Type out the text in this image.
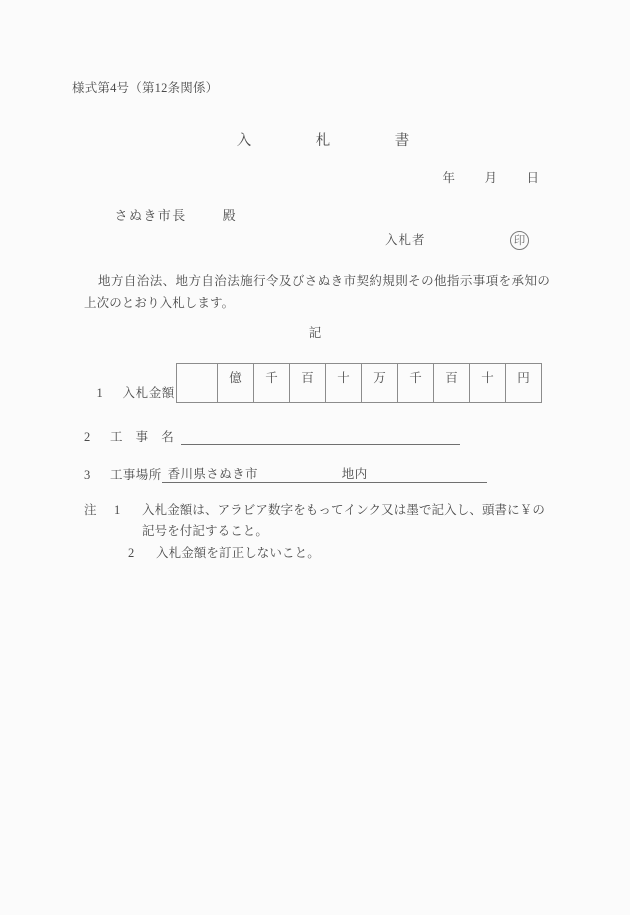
様式第4号（第12条関係）

入	札	書

年 月 日

さぬき市長	殿

入札者	印
地方自治法、地方自治法施行令及びさぬき市契約規則その他指示事項を承知の上次のとおり入札します。
記

1 入札金額

	億	千	百	十	万	千	百	十	円
2	工 事 名
3	工事場所 香川県さぬき市	地内
注	1	入札金額は、アラビア数字をもってインク又は墨で記入し、頭書に￥の記号を付記すること。
2	入札金額を訂正しないこと。
